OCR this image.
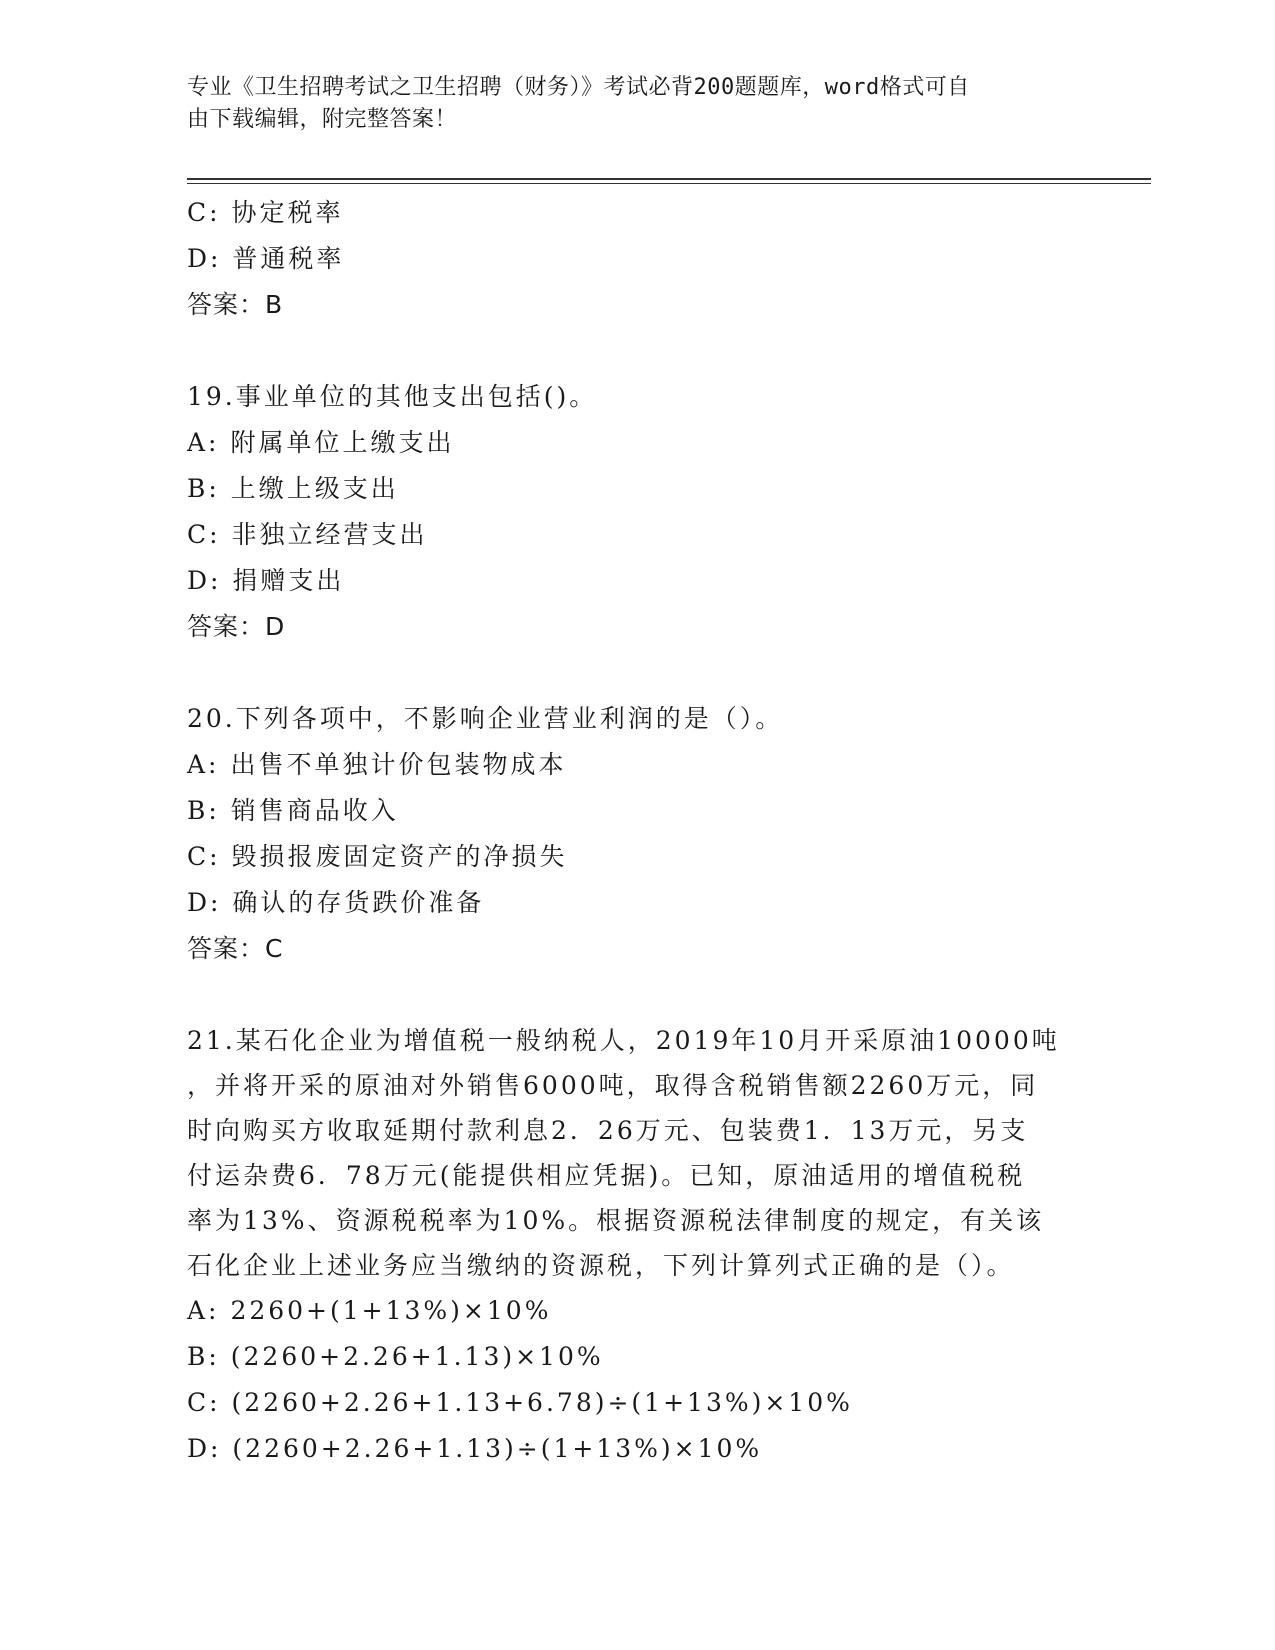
专业《卫生招聘考试之卫生招聘（财务）》考试必背200题题库，word格式可自
由下载编辑，附完整答案！
C: 协定税率
D: 普通税率
答案：B
19.事业单位的其他支出包括()。
A: 附属单位上缴支出
B: 上缴上级支出
C: 非独立经营支出
D: 捐赠支出
答案：D
20.下列各项中，不影响企业营业利润的是（）。
A: 出售不单独计价包装物成本
B: 销售商品收入
C: 毁损报废固定资产的净损失
D: 确认的存货跌价准备
答案：C
21.某石化企业为增值税一般纳税人，2019年10月开采原油10000吨
，并将开采的原油对外销售6000吨，取得含税销售额2260万元，同
时向购买方收取延期付款利息2．26万元、包装费1．13万元，另支
付运杂费6．78万元(能提供相应凭据)。已知，原油适用的增值税税
率为13%、资源税税率为10%。根据资源税法律制度的规定，有关该
石化企业上述业务应当缴纳的资源税，下列计算列式正确的是（）。
A: 2260+(1+13%)×10%
B: (2260+2.26+1.13)×10%
C: (2260+2.26+1.13+6.78)÷(1+13%)×10%
D: (2260+2.26+1.13)÷(1+13%)×10%
